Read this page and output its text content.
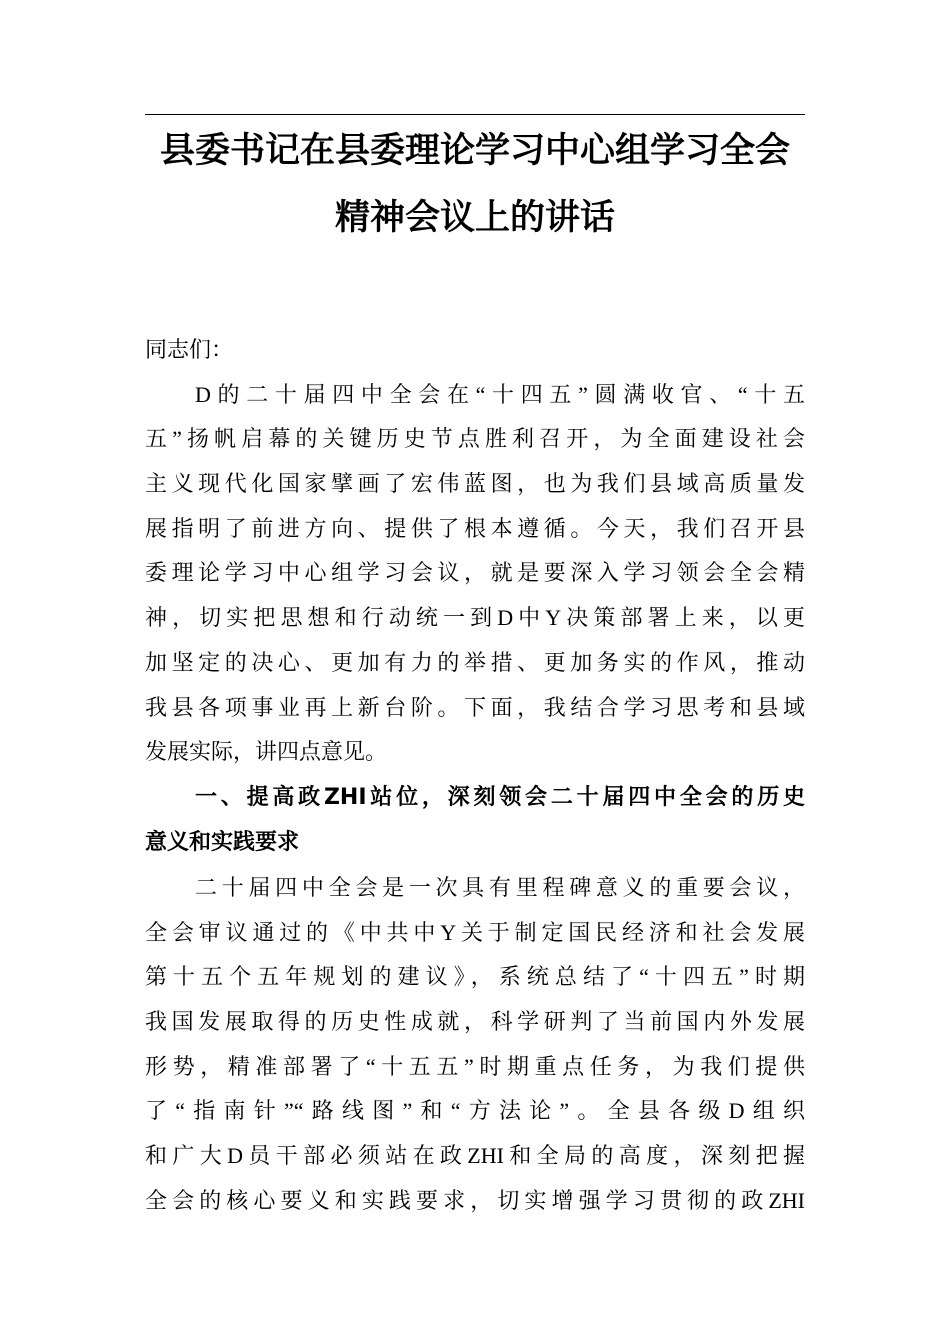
县委书记在县委理论学习中心组学习全会
精神会议上的讲话
同志们：
D的二十届四中全会在“十四五”圆满收官、“十五
五”扬帆启幕的关键历史节点胜利召开，为全面建设社会
主义现代化国家擘画了宏伟蓝图，也为我们县域高质量发
展指明了前进方向、提供了根本遵循。今天，我们召开县
委理论学习中心组学习会议，就是要深入学习领会全会精
神，切实把思想和行动统一到D中Y决策部署上来，以更
加坚定的决心、更加有力的举措、更加务实的作风，推动
我县各项事业再上新台阶。下面，我结合学习思考和县域
发展实际，讲四点意见。
一、提高政ZHI站位，深刻领会二十届四中全会的历史
意义和实践要求
二十届四中全会是一次具有里程碑意义的重要会议，
全会审议通过的《中共中Y关于制定国民经济和社会发展
第十五个五年规划的建议》，系统总结了“十四五”时期
我国发展取得的历史性成就，科学研判了当前国内外发展
形势，精准部署了“十五五”时期重点任务，为我们提供
了“指南针”“路线图”和“方法论”。全县各级D组织
和广大D员干部必须站在政ZHI和全局的高度，深刻把握
全会的核心要义和实践要求，切实增强学习贯彻的政ZHI
